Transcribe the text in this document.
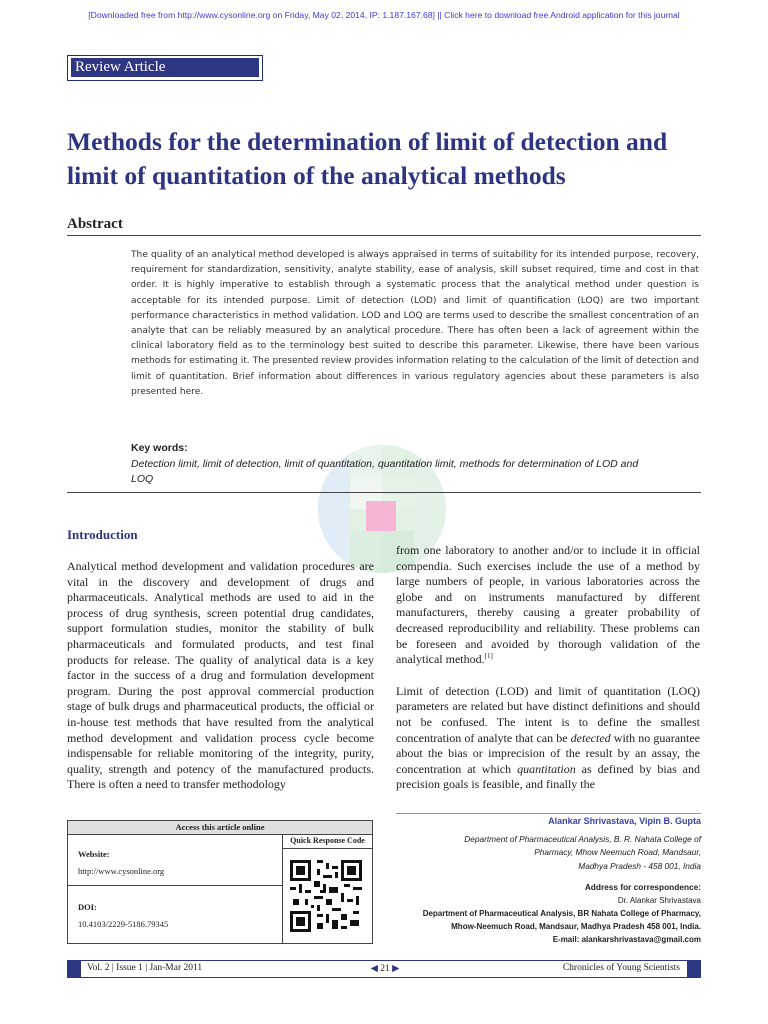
[Downloaded free from http://www.cysonline.org on Friday, May 02, 2014, IP: 1.187.167.68] || Click here to download free Android application for this journal
Review Article
Methods for the determination of limit of detection and limit of quantitation of the analytical methods
Abstract
The quality of an analytical method developed is always appraised in terms of suitability for its intended purpose, recovery, requirement for standardization, sensitivity, analyte stability, ease of analysis, skill subset required, time and cost in that order. It is highly imperative to establish through a systematic process that the analytical method under question is acceptable for its intended purpose. Limit of detection (LOD) and limit of quantification (LOQ) are two important performance characteristics in method validation. LOD and LOQ are terms used to describe the smallest concentration of an analyte that can be reliably measured by an analytical procedure. There has often been a lack of agreement within the clinical laboratory field as to the terminology best suited to describe this parameter. Likewise, there have been various methods for estimating it. The presented review provides information relating to the calculation of the limit of detection and limit of quantitation. Brief information about differences in various regulatory agencies about these parameters is also presented here.
Key words:
Detection limit, limit of detection, limit of quantitation, quantitation limit, methods for determination of LOD and LOQ
Introduction
Analytical method development and validation procedures are vital in the discovery and development of drugs and pharmaceuticals. Analytical methods are used to aid in the process of drug synthesis, screen potential drug candidates, support formulation studies, monitor the stability of bulk pharmaceuticals and formulated products, and test final products for release. The quality of analytical data is a key factor in the success of a drug and formulation development program. During the post approval commercial production stage of bulk drugs and pharmaceutical products, the official or in-house test methods that have resulted from the analytical method development and validation process cycle become indispensable for reliable monitoring of the integrity, purity, quality, strength and potency of the manufactured products. There is often a need to transfer methodology

from one laboratory to another and/or to include it in official compendia. Such exercises include the use of a method by large numbers of people, in various laboratories across the globe and on instruments manufactured by different manufacturers, thereby causing a greater probability of decreased reproducibility and reliability. These problems can be foreseen and avoided by thorough validation of the analytical method.[1]

Limit of detection (LOD) and limit of quantitation (LOQ) parameters are related but have distinct definitions and should not be confused. The intent is to define the smallest concentration of analyte that can be detected with no guarantee about the bias or imprecision of the result by an assay, the concentration at which quantitation as defined by bias and precision goals is feasible, and finally the

Access this article online
Quick Response Code
Website:
http://www.cysonline.org
DOI:
10.4103/2229-5186.79345
Alankar Shrivastava, Vipin B. Gupta
Department of Pharmaceutical Analysis, B. R. Nahata College of
Pharmacy, Mhow Neemuch Road, Mandsaur,
Madhya Pradesh - 458 001, India
Address for correspondence:
Dr. Alankar Shrivastava
Department of Pharmaceutical Analysis, BR Nahata College of Pharmacy,
Mhow-Neemuch Road, Mandsaur, Madhya Pradesh 458 001, India.
E-mail: alankarshrivastava@gmail.com
Vol. 2 | Issue 1 | Jan-Mar 2011	◀ 21 ▶	Chronicles of Young Scientists
